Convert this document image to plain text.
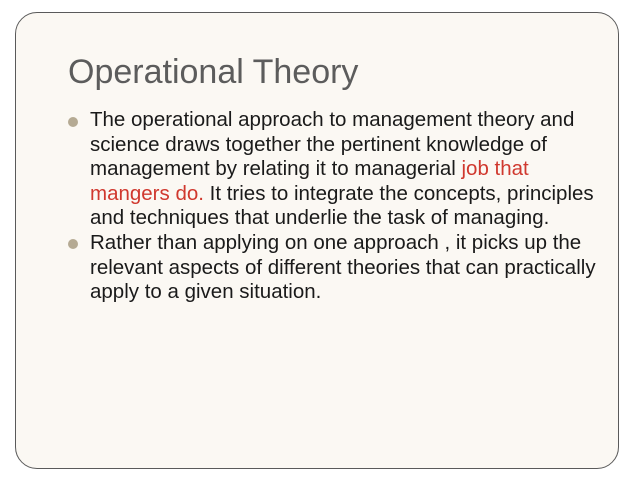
Operational Theory
The operational approach to management theory and science draws together the pertinent knowledge of management by relating it to managerial job that mangers do. It tries to integrate the concepts, principles and techniques that underlie the task of managing.
Rather than applying on one approach , it picks up the relevant aspects of different theories that can practically apply to a given situation.
